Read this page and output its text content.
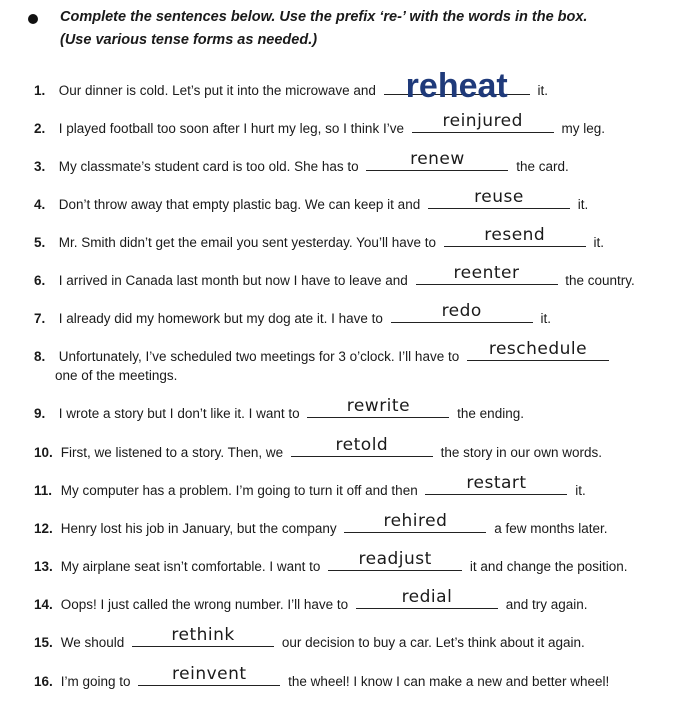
Complete the sentences below. Use the prefix ‘re-’ with the words in the box.
(Use various tense forms as needed.)
1. Our dinner is cold. Let’s put it into the microwave and reheat	it.
2. I played football too soon after I hurt my leg, so I think I’ve	reinjured	my leg.
3. My classmate’s student card is too old. She has to	renew	the card.
4. Don’t throw away that empty plastic bag. We can keep it and	reuse	it.
5. Mr. Smith didn’t get the email you sent yesterday. You’ll have to	resend	it.
6. I arrived in Canada last month but now I have to leave and	reenter	the country.
7. I already did my homework but my dog ate it. I have to	redo	it.
8. Unfortunately, I’ve scheduled two meetings for 3 o’clock. I’ll have to	reschedule
one of the meetings.
9. I wrote a story but I don’t like it. I want to	rewrite	the ending.
10. First, we listened to a story. Then, we	retold	the story in our own words.
11. My computer has a problem. I’m going to turn it off and then	restart	it.
12. Henry lost his job in January, but the company	rehired	a few months later.
13. My airplane seat isn’t comfortable. I want to	readjust	it and change the position.
14. Oops! I just called the wrong number. I’ll have to	redial	and try again.
15. We should	rethink	our decision to buy a car. Let’s think about it again.
16. I’m going to	reinvent	the wheel! I know I can make a new and better wheel!
